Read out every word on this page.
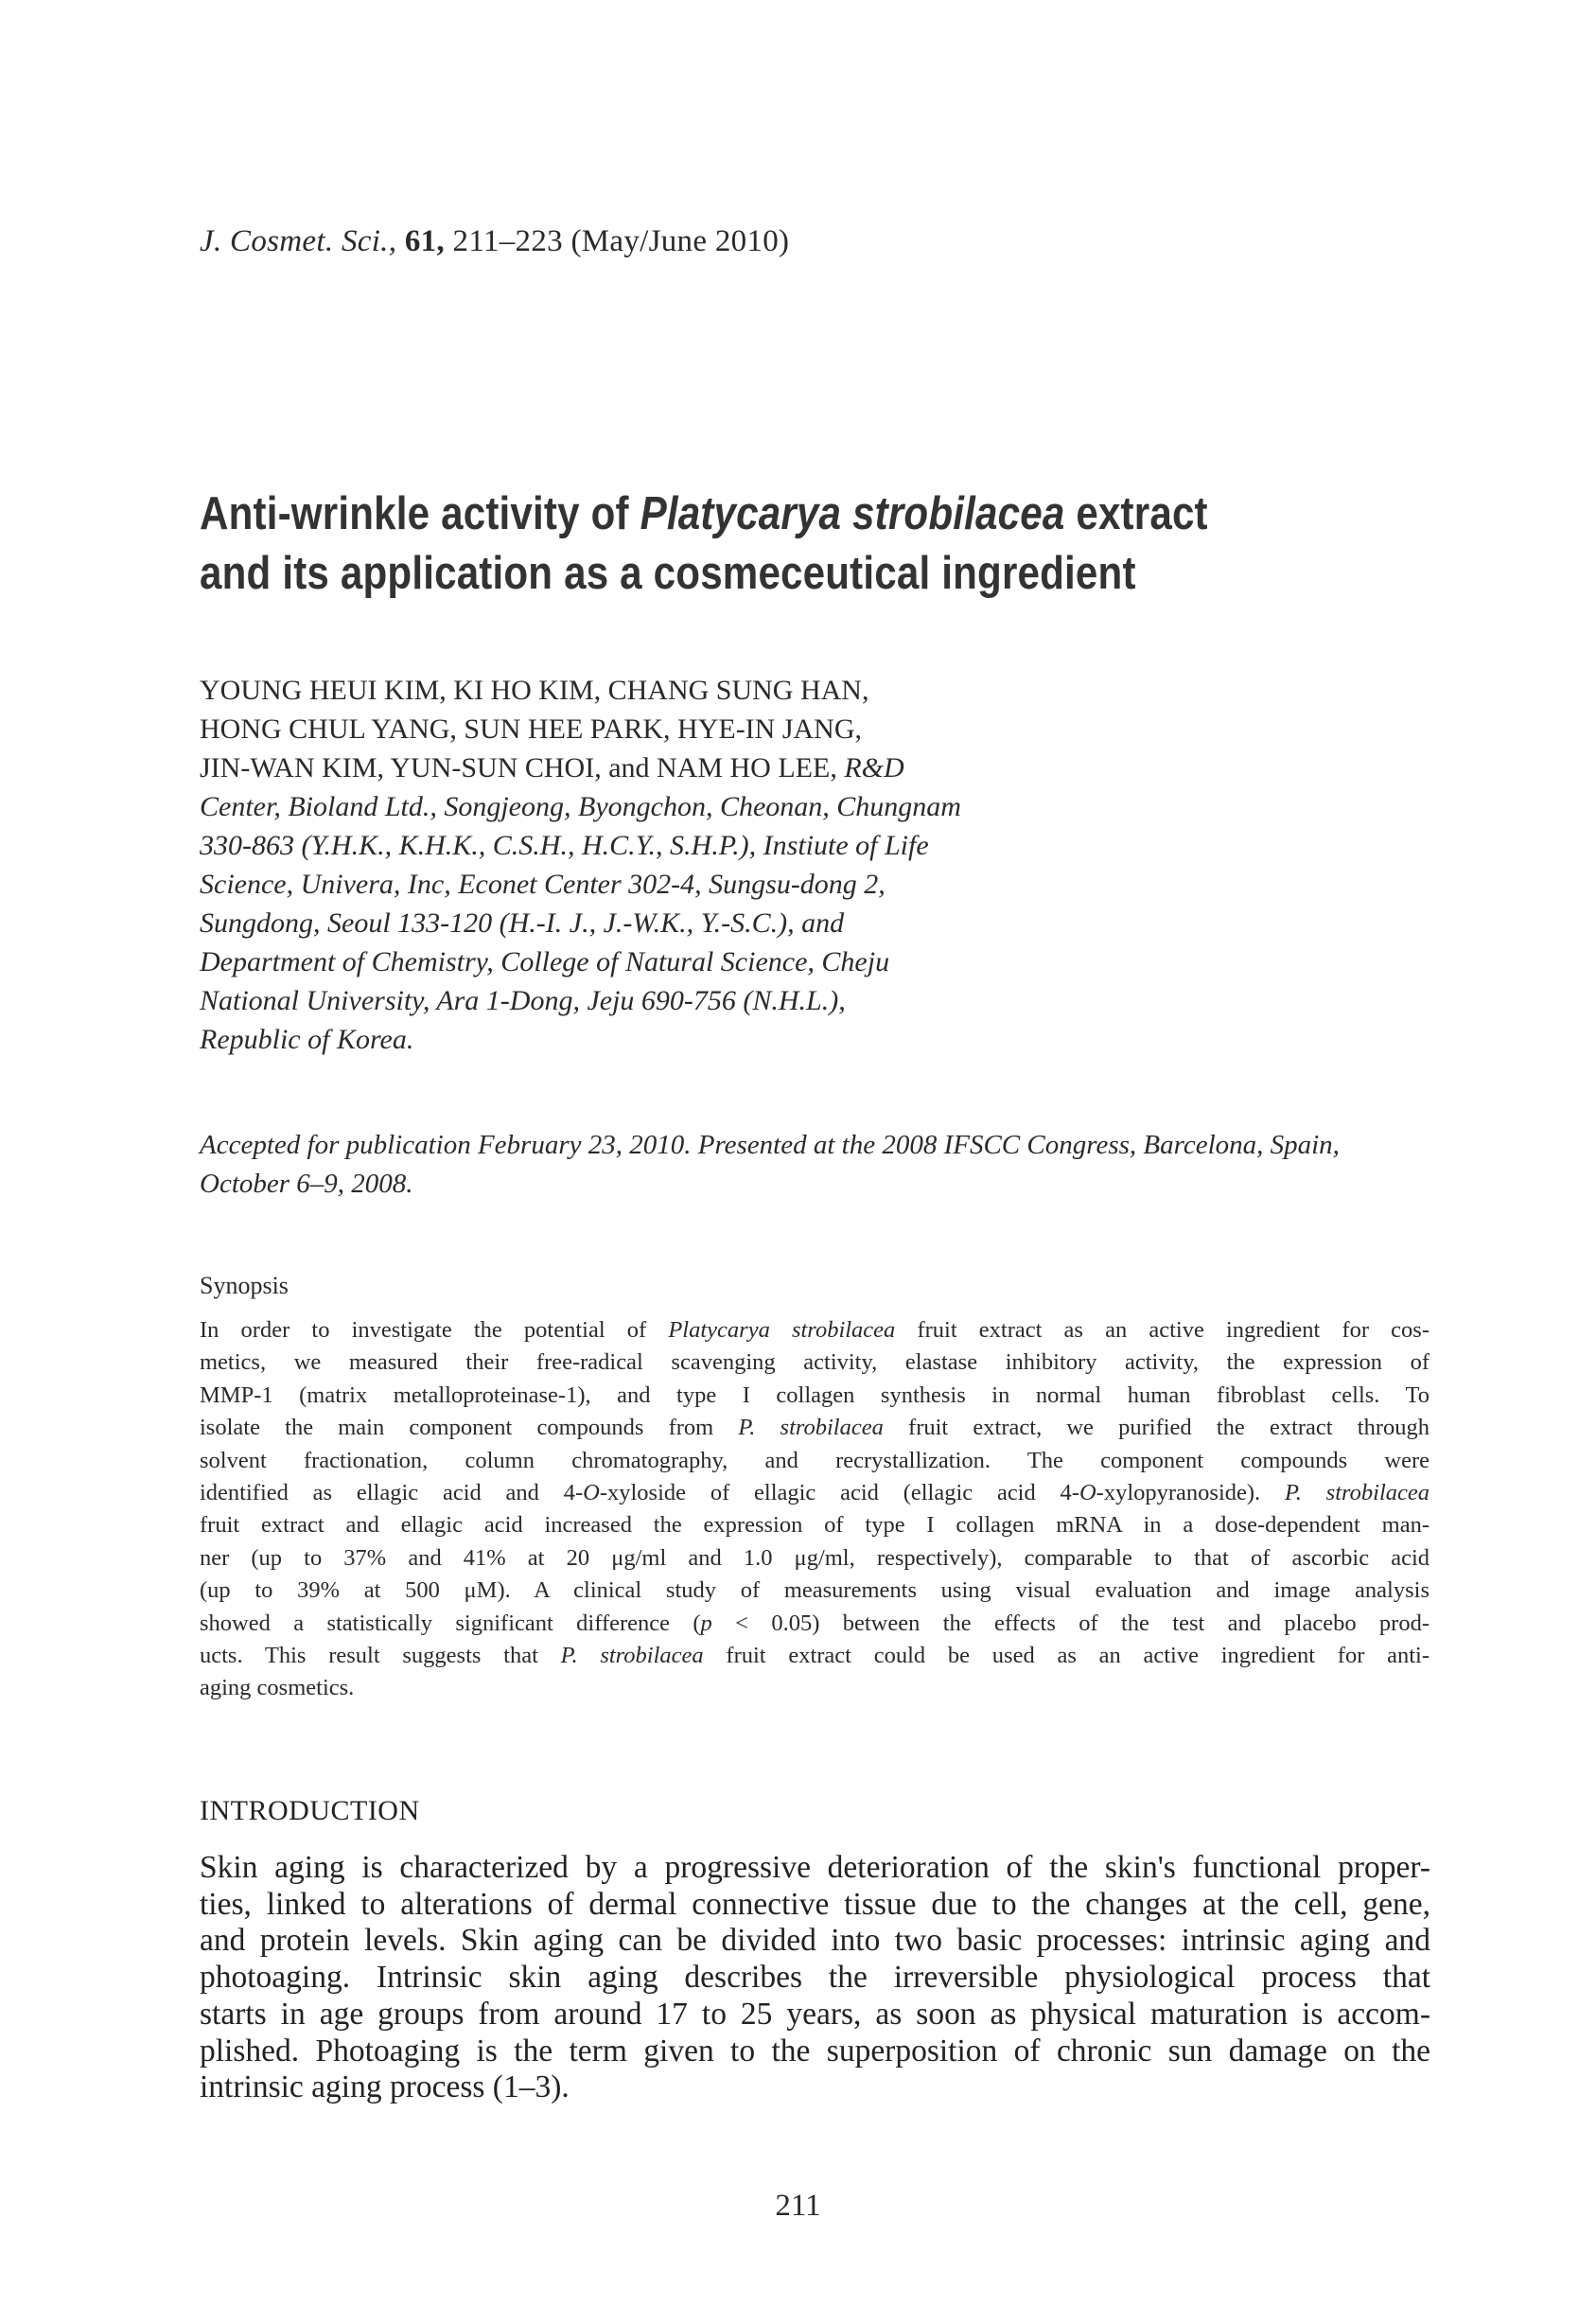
J. Cosmet. Sci., 61, 211–223 (May/June 2010)
Anti-wrinkle activity of Platycarya strobilacea extract
and its application as a cosmeceutical ingredient
YOUNG HEUI KIM, KI HO KIM, CHANG SUNG HAN,
HONG CHUL YANG, SUN HEE PARK, HYE-IN JANG,
JIN-WAN KIM, YUN-SUN CHOI, and NAM HO LEE, R&D
Center, Bioland Ltd., Songjeong, Byongchon, Cheonan, Chungnam
330-863 (Y.H.K., K.H.K., C.S.H., H.C.Y., S.H.P.), Instiute of Life
Science, Univera, Inc, Econet Center 302-4, Sungsu-dong 2,
Sungdong, Seoul 133-120 (H.-I. J., J.-W.K., Y.-S.C.), and
Department of Chemistry, College of Natural Science, Cheju
National University, Ara 1-Dong, Jeju 690-756 (N.H.L.),
Republic of Korea.
Accepted for publication February 23, 2010. Presented at the 2008 IFSCC Congress, Barcelona, Spain,
October 6–9, 2008.
Synopsis
In order to investigate the potential of Platycarya strobilacea fruit extract as an active ingredient for cos-
metics, we measured their free-radical scavenging activity, elastase inhibitory activity, the expression of
MMP-1 (matrix metalloproteinase-1), and type I collagen synthesis in normal human fibroblast cells. To
isolate the main component compounds from P. strobilacea fruit extract, we purified the extract through
solvent fractionation, column chromatography, and recrystallization. The component compounds were
identified as ellagic acid and 4-O-xyloside of ellagic acid (ellagic acid 4-O-xylopyranoside). P. strobilacea
fruit extract and ellagic acid increased the expression of type I collagen mRNA in a dose-dependent man-
ner (up to 37% and 41% at 20 μg/ml and 1.0 μg/ml, respectively), comparable to that of ascorbic acid
(up to 39% at 500 μM). A clinical study of measurements using visual evaluation and image analysis
showed a statistically significant difference (p < 0.05) between the effects of the test and placebo prod-
ucts. This result suggests that P. strobilacea fruit extract could be used as an active ingredient for anti-
aging cosmetics.
INTRODUCTION
Skin aging is characterized by a progressive deterioration of the skin's functional proper-
ties, linked to alterations of dermal connective tissue due to the changes at the cell, gene,
and protein levels. Skin aging can be divided into two basic processes: intrinsic aging and
photoaging. Intrinsic skin aging describes the irreversible physiological process that
starts in age groups from around 17 to 25 years, as soon as physical maturation is accom-
plished. Photoaging is the term given to the superposition of chronic sun damage on the
intrinsic aging process (1–3).
211
